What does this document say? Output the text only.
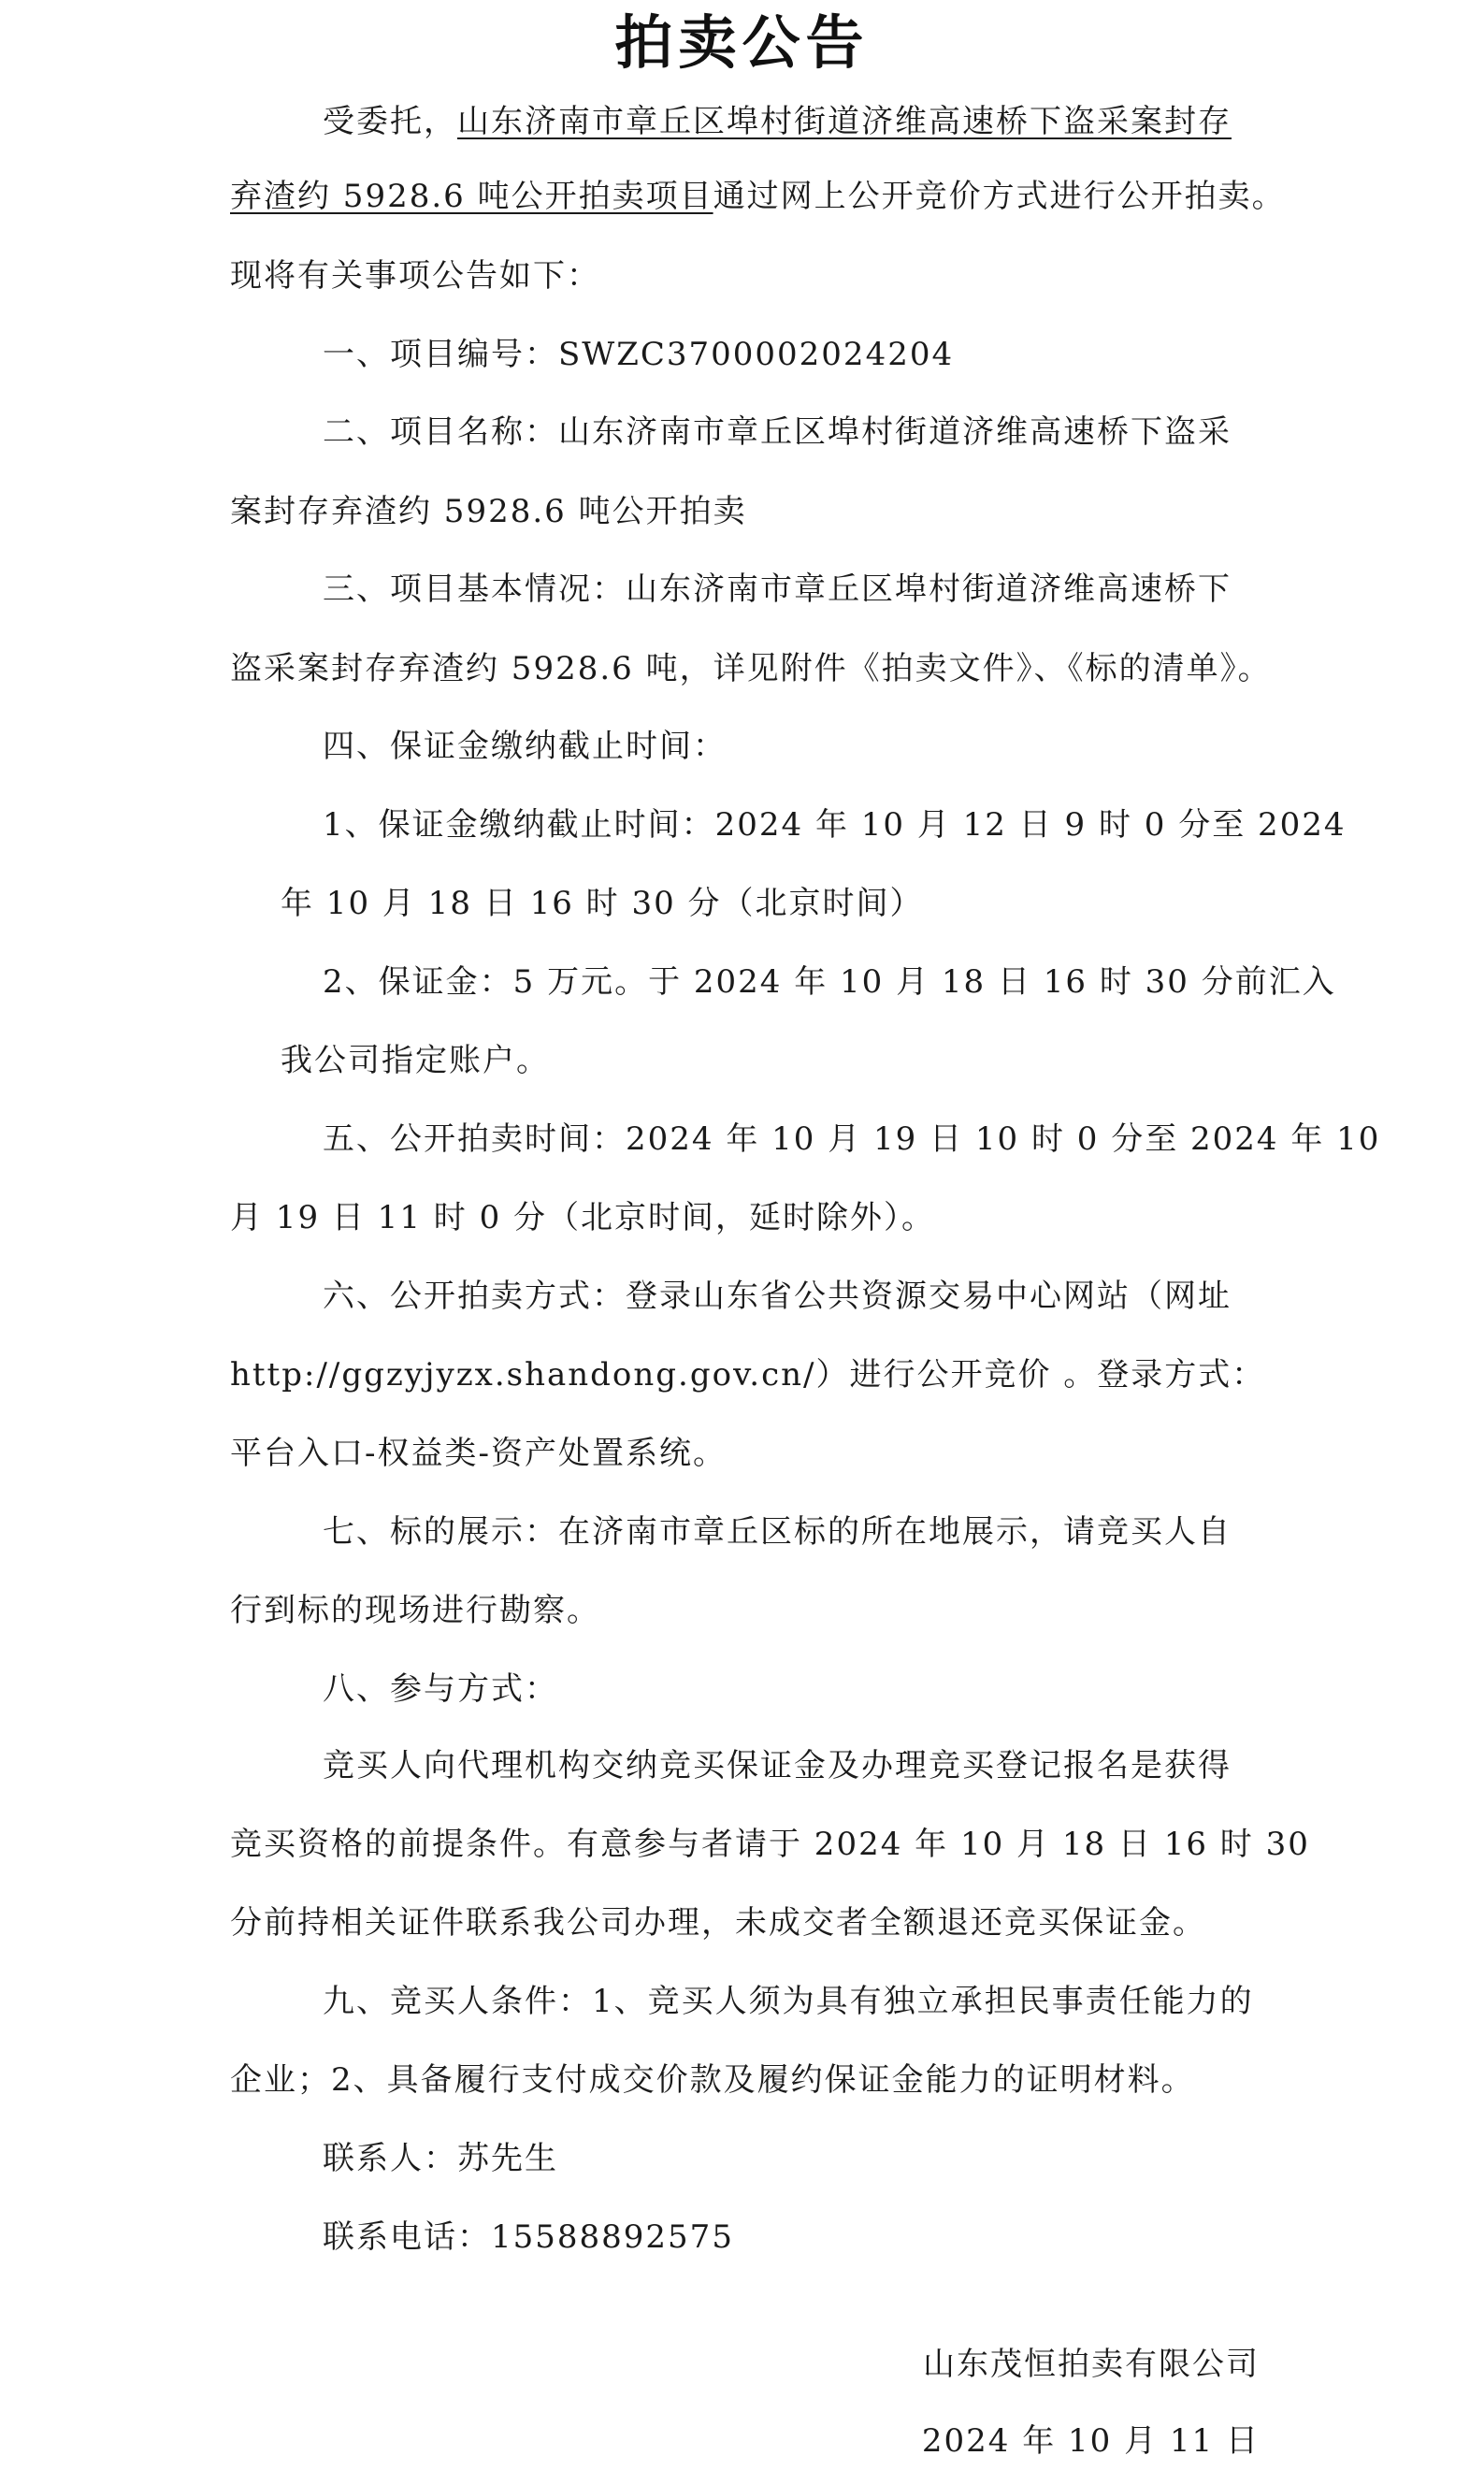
拍卖公告
受委托，山东济南市章丘区埠村街道济维高速桥下盗采案封存
弃渣约 5928.6 吨公开拍卖项目通过网上公开竞价方式进行公开拍卖。
现将有关事项公告如下：
一、项目编号：SWZC3700002024204
二、项目名称：山东济南市章丘区埠村街道济维高速桥下盗采
案封存弃渣约 5928.6 吨公开拍卖
三、项目基本情况：山东济南市章丘区埠村街道济维高速桥下
盗采案封存弃渣约 5928.6 吨，详见附件《拍卖文件》、《标的清单》。
四、保证金缴纳截止时间：
1、保证金缴纳截止时间：2024 年 10 月 12 日 9 时 0 分至 2024
年 10 月 18 日 16 时 30 分（北京时间）
2、保证金：5 万元。于 2024 年 10 月 18 日 16 时 30 分前汇入
我公司指定账户。
五、公开拍卖时间：2024 年 10 月 19 日 10 时 0 分至 2024 年 10
月 19 日 11 时 0 分（北京时间，延时除外）。
六、公开拍卖方式：登录山东省公共资源交易中心网站（网址
http://ggzyjyzx.shandong.gov.cn/）进行公开竞价 。登录方式：
平台入口-权益类-资产处置系统。
七、标的展示：在济南市章丘区标的所在地展示，请竞买人自
行到标的现场进行勘察。
八、参与方式：
竞买人向代理机构交纳竞买保证金及办理竞买登记报名是获得
竞买资格的前提条件。有意参与者请于 2024 年 10 月 18 日 16 时 30
分前持相关证件联系我公司办理，未成交者全额退还竞买保证金。
九、竞买人条件：1、竞买人须为具有独立承担民事责任能力的
企业；2、具备履行支付成交价款及履约保证金能力的证明材料。
联系人：苏先生
联系电话：15588892575
山东茂恒拍卖有限公司
2024 年 10 月 11 日
